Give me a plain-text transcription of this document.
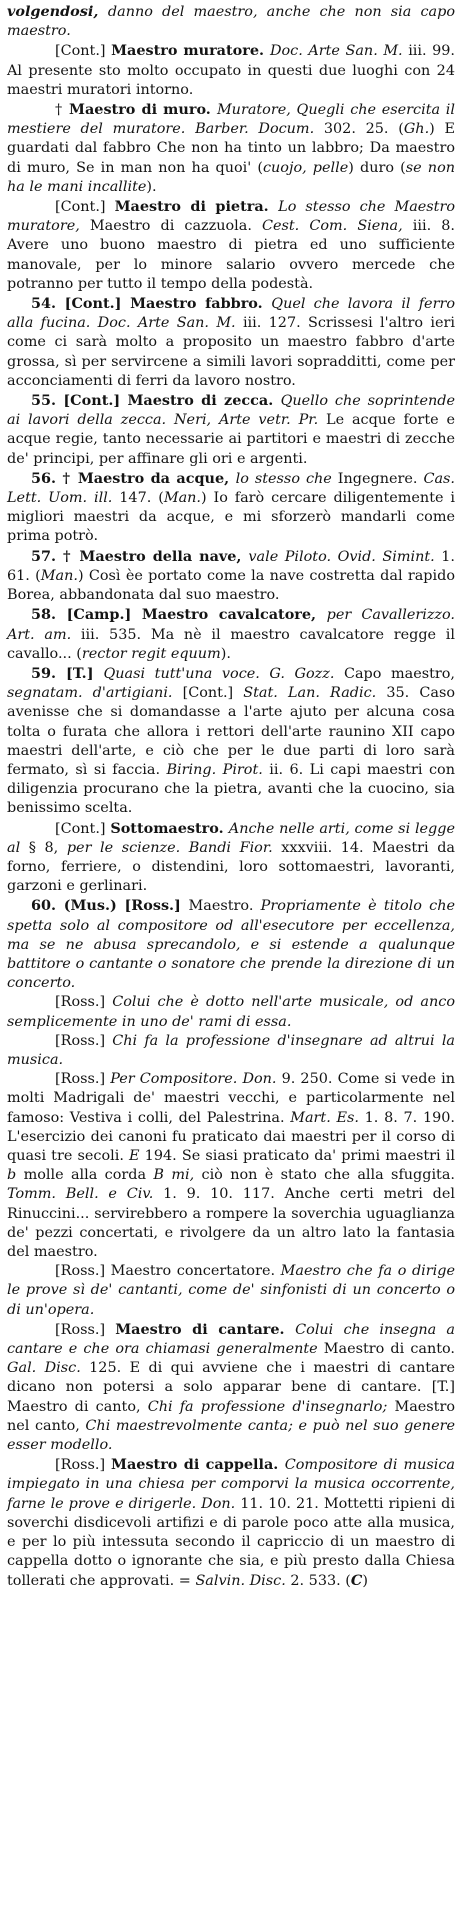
volgendosi, danno del maestro, anche che non sia capo maestro.
[Cont.] Maestro muratore. Doc. Arte San. M. iii. 99. Al presente sto molto occupato in questi due luoghi con 24 maestri muratori intorno.
† Maestro di muro. Muratore, Quegli che esercita il mestiere del muratore. Barber. Docum. 302. 25. (Gh.) E guardati dal fabbro Che non ha tinto un labbro; Da maestro di muro, Se in man non ha quoi' (cuojo, pelle) duro (se non ha le mani incallite).
[Cont.] Maestro di pietra. Lo stesso che Maestro muratore, Maestro di cazzuola. Cest. Com. Siena, iii. 8. Avere uno buono maestro di pietra ed uno sufficiente manovale, per lo minore salario ovvero mercede che potranno per tutto il tempo della podestà.
54. [Cont.] Maestro fabbro. Quel che lavora il ferro alla fucina. Doc. Arte San. M. iii. 127. Scrissesi l'altro ieri come ci sarà molto a proposito un maestro fabbro d'arte grossa, sì per servircene a simili lavori sopradditti, come per acconciamenti di ferri da lavoro nostro.
55. [Cont.] Maestro di zecca. Quello che soprintende ai lavori della zecca. Neri, Arte vetr. Pr. Le acque forte e acque regie, tanto necessarie ai partitori e maestri di zecche de' principi, per affinare gli ori e argenti.
56. † Maestro da acque, lo stesso che Ingegnere. Cas. Lett. Uom. ill. 147. (Man.) Io farò cercare diligentemente i migliori maestri da acque, e mi sforzerò mandarli come prima potrò.
57. † Maestro della nave, vale Piloto. Ovid. Simint. 1. 61. (Man.) Così èe portato come la nave costretta dal rapido Borea, abbandonata dal suo maestro.
58. [Camp.] Maestro cavalcatore, per Cavallerizzo. Art. am. iii. 535. Ma nè il maestro cavalcatore regge il cavallo... (rector regit equum).
59. [T.] Quasi tutt'una voce. G. Gozz. Capo maestro, segnatam. d'artigiani. [Cont.] Stat. Lan. Radic. 35. Caso avenisse che si domandasse a l'arte ajuto per alcuna cosa tolta o furata che allora i rettori dell'arte raunino XII capo maestri dell'arte, e ciò che per le due parti di loro sarà fermato, sì si faccia. Biring. Pirot. ii. 6. Li capi maestri con diligenzia procurano che la pietra, avanti che la cuocino, sia benissimo scelta.
[Cont.] Sottomaestro. Anche nelle arti, come si legge al § 8, per le scienze. Bandi Fior. xxxviii. 14. Maestri da forno, ferriere, o distendini, loro sottomaestri, lavoranti, garzoni e gerlinari.
60. (Mus.) [Ross.] Maestro. Propriamente è titolo che spetta solo al compositore od all'esecutore per eccellenza, ma se ne abusa sprecandolo, e si estende a qualunque battitore o cantante o sonatore che prende la direzione di un concerto.
[Ross.] Colui che è dotto nell'arte musicale, od anco semplicemente in uno de' rami di essa.
[Ross.] Chi fa la professione d'insegnare ad altrui la musica.
[Ross.] Per Compositore. Don. 9. 250. Come si vede in molti Madrigali de' maestri vecchi, e particolarmente nel famoso: Vestiva i colli, del Palestrina. Mart. Es. 1. 8. 7. 190. L'esercizio dei canoni fu praticato dai maestri per il corso di quasi tre secoli. E 194. Se siasi praticato da' primi maestri il b molle alla corda B mi, ciò non è stato che alla sfuggita. Tomm. Bell. e Civ. 1. 9. 10. 117. Anche certi metri del Rinuccini... servirebbero a rompere la soverchia uguaglianza de' pezzi concertati, e rivolgere da un altro lato la fantasia del maestro.
[Ross.] Maestro concertatore. Maestro che fa o dirige le prove sì de' cantanti, come de' sinfonisti di un concerto o di un'opera.
[Ross.] Maestro di cantare. Colui che insegna a cantare e che ora chiamasi generalmente Maestro di canto. Gal. Disc. 125. E di qui avviene che i maestri di cantare dicano non potersi a solo apparar bene di cantare. [T.] Maestro di canto, Chi fa professione d'insegnarlo; Maestro nel canto, Chi maestrevolmente canta; e può nel suo genere esser modello.
[Ross.] Maestro di cappella. Compositore di musica impiegato in una chiesa per comporvi la musica occorrente, farne le prove e dirigerle. Don. 11. 10. 21. Mottetti ripieni di soverchi disdicevoli artifizi e di parole poco atte alla musica, e per lo più intessuta secondo il capriccio di un maestro di cappella dotto o ignorante che sia, e più presto dalla Chiesa tollerati che approvati. = Salvin. Disc. 2. 533. (C)
